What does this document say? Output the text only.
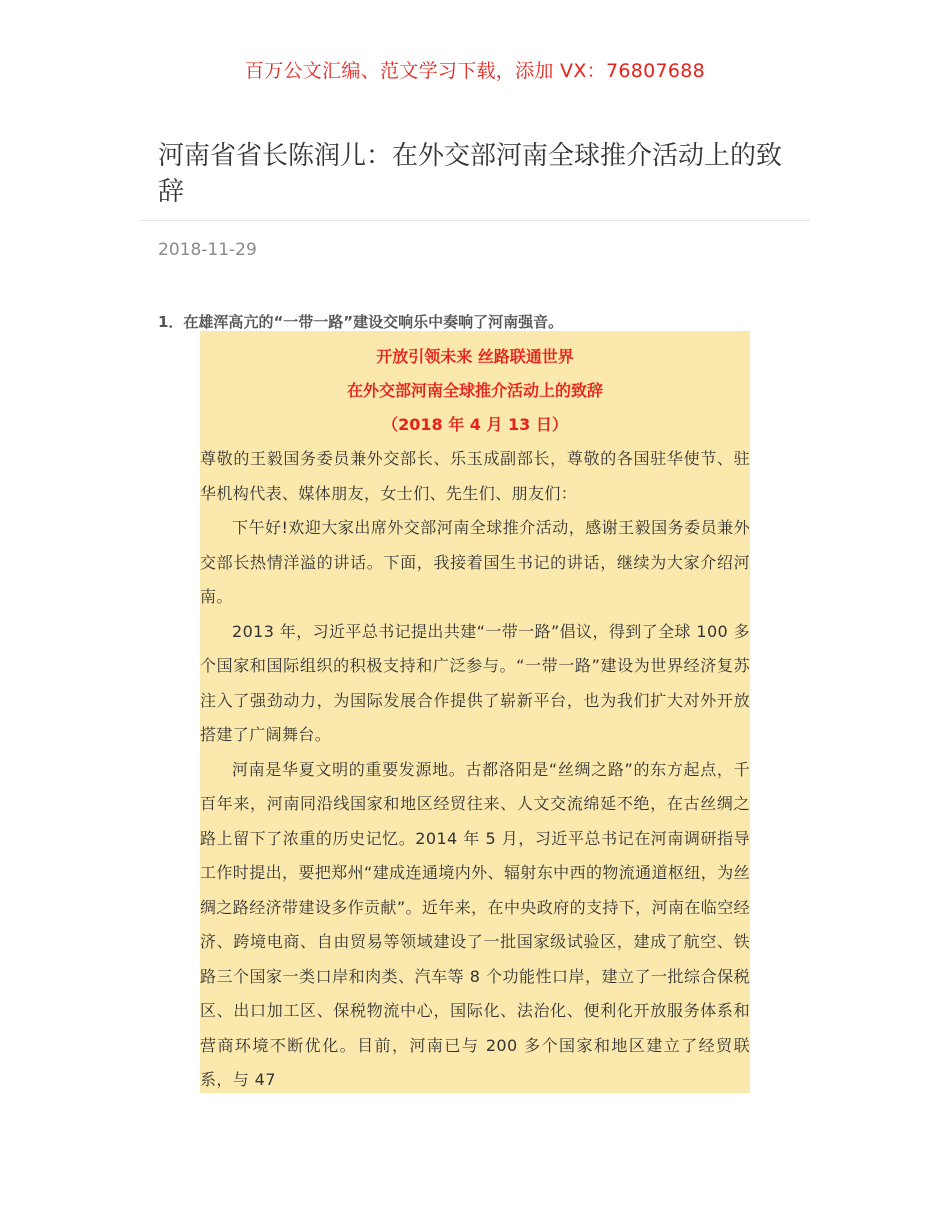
百万公文汇编、范文学习下载，添加 VX：76807688
河南省省长陈润儿：在外交部河南全球推介活动上的致辞
2018-11-29
1．在雄浑高亢的“一带一路”建设交响乐中奏响了河南强音。
开放引领未来 丝路联通世界
在外交部河南全球推介活动上的致辞
（2018 年 4 月 13 日）

尊敬的王毅国务委员兼外交部长、乐玉成副部长，尊敬的各国驻华使节、驻华机构代表、媒体朋友，女士们、先生们、朋友们：

下午好!欢迎大家出席外交部河南全球推介活动，感谢王毅国务委员兼外交部长热情洋溢的讲话。下面，我接着国生书记的讲话，继续为大家介绍河南。

2013 年，习近平总书记提出共建“一带一路”倡议，得到了全球 100 多个国家和国际组织的积极支持和广泛参与。“一带一路”建设为世界经济复苏注入了强劲动力，为国际发展合作提供了崭新平台，也为我们扩大对外开放搭建了广阔舞台。

河南是华夏文明的重要发源地。古都洛阳是“丝绸之路”的东方起点，千百年来，河南同沿线国家和地区经贸往来、人文交流绵延不绝，在古丝绸之路上留下了浓重的历史记忆。2014 年 5 月，习近平总书记在河南调研指导工作时提出，要把郑州“建成连通境内外、辐射东中西的物流通道枢纽，为丝绸之路经济带建设多作贡献”。近年来，在中央政府的支持下，河南在临空经济、跨境电商、自由贸易等领域建设了一批国家级试验区，建成了航空、铁路三个国家一类口岸和肉类、汽车等 8 个功能性口岸，建立了一批综合保税区、出口加工区、保税物流中心，国际化、法治化、便利化开放服务体系和营商环境不断优化。目前，河南已与 200 多个国家和地区建立了经贸联系，与 47
